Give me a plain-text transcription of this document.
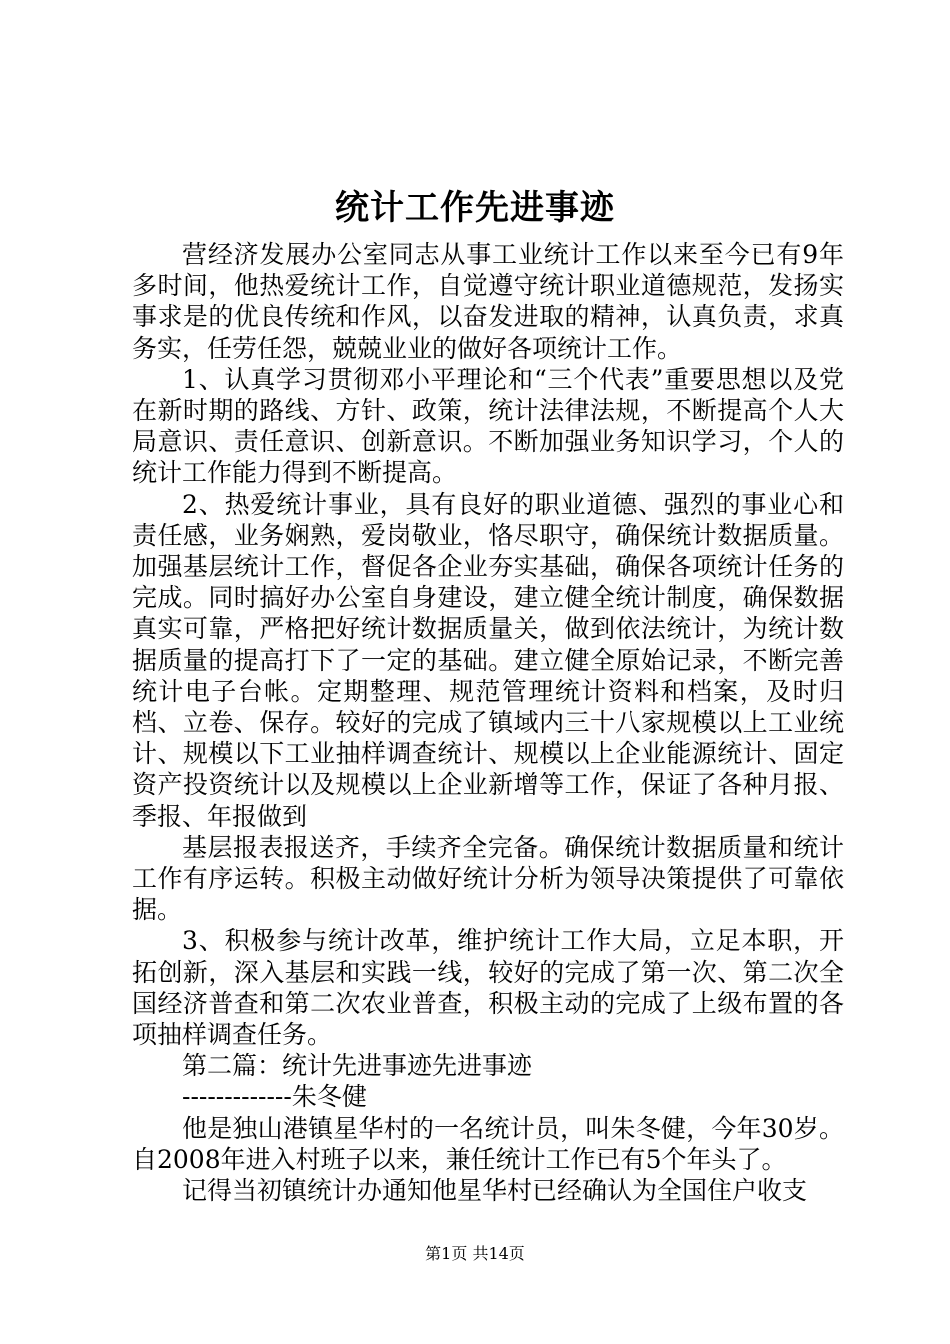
统计工作先进事迹

营经济发展办公室同志从事工业统计工作以来至今已有9年多时间，他热爱统计工作，自觉遵守统计职业道德规范，发扬实事求是的优良传统和作风，以奋发进取的精神，认真负责，求真务实，任劳任怨，兢兢业业的做好各项统计工作。

1、认真学习贯彻邓小平理论和“三个代表”重要思想以及党在新时期的路线、方针、政策，统计法律法规，不断提高个人大局意识、责任意识、创新意识。不断加强业务知识学习，个人的统计工作能力得到不断提高。

2、热爱统计事业，具有良好的职业道德、强烈的事业心和责任感，业务娴熟，爱岗敬业，恪尽职守，确保统计数据质量。加强基层统计工作，督促各企业夯实基础，确保各项统计任务的完成。同时搞好办公室自身建设，建立健全统计制度，确保数据真实可靠，严格把好统计数据质量关，做到依法统计，为统计数据质量的提高打下了一定的基础。建立健全原始记录，不断完善统计电子台帐。定期整理、规范管理统计资料和档案，及时归档、立卷、保存。较好的完成了镇域内三十八家规模以上工业统计、规模以下工业抽样调查统计、规模以上企业能源统计、固定资产投资统计以及规模以上企业新增等工作，保证了各种月报、季报、年报做到

基层报表报送齐，手续齐全完备。确保统计数据质量和统计工作有序运转。积极主动做好统计分析为领导决策提供了可靠依据。

3、积极参与统计改革，维护统计工作大局，立足本职，开拓创新，深入基层和实践一线，较好的完成了第一次、第二次全国经济普查和第二次农业普查，积极主动的完成了上级布置的各项抽样调查任务。

第二篇：统计先进事迹先进事迹

-------------朱冬健

他是独山港镇星华村的一名统计员，叫朱冬健，今年30岁。自2008年进入村班子以来，兼任统计工作已有5个年头了。

记得当初镇统计办通知他星华村已经确认为全国住户收支

第1页 共14页
